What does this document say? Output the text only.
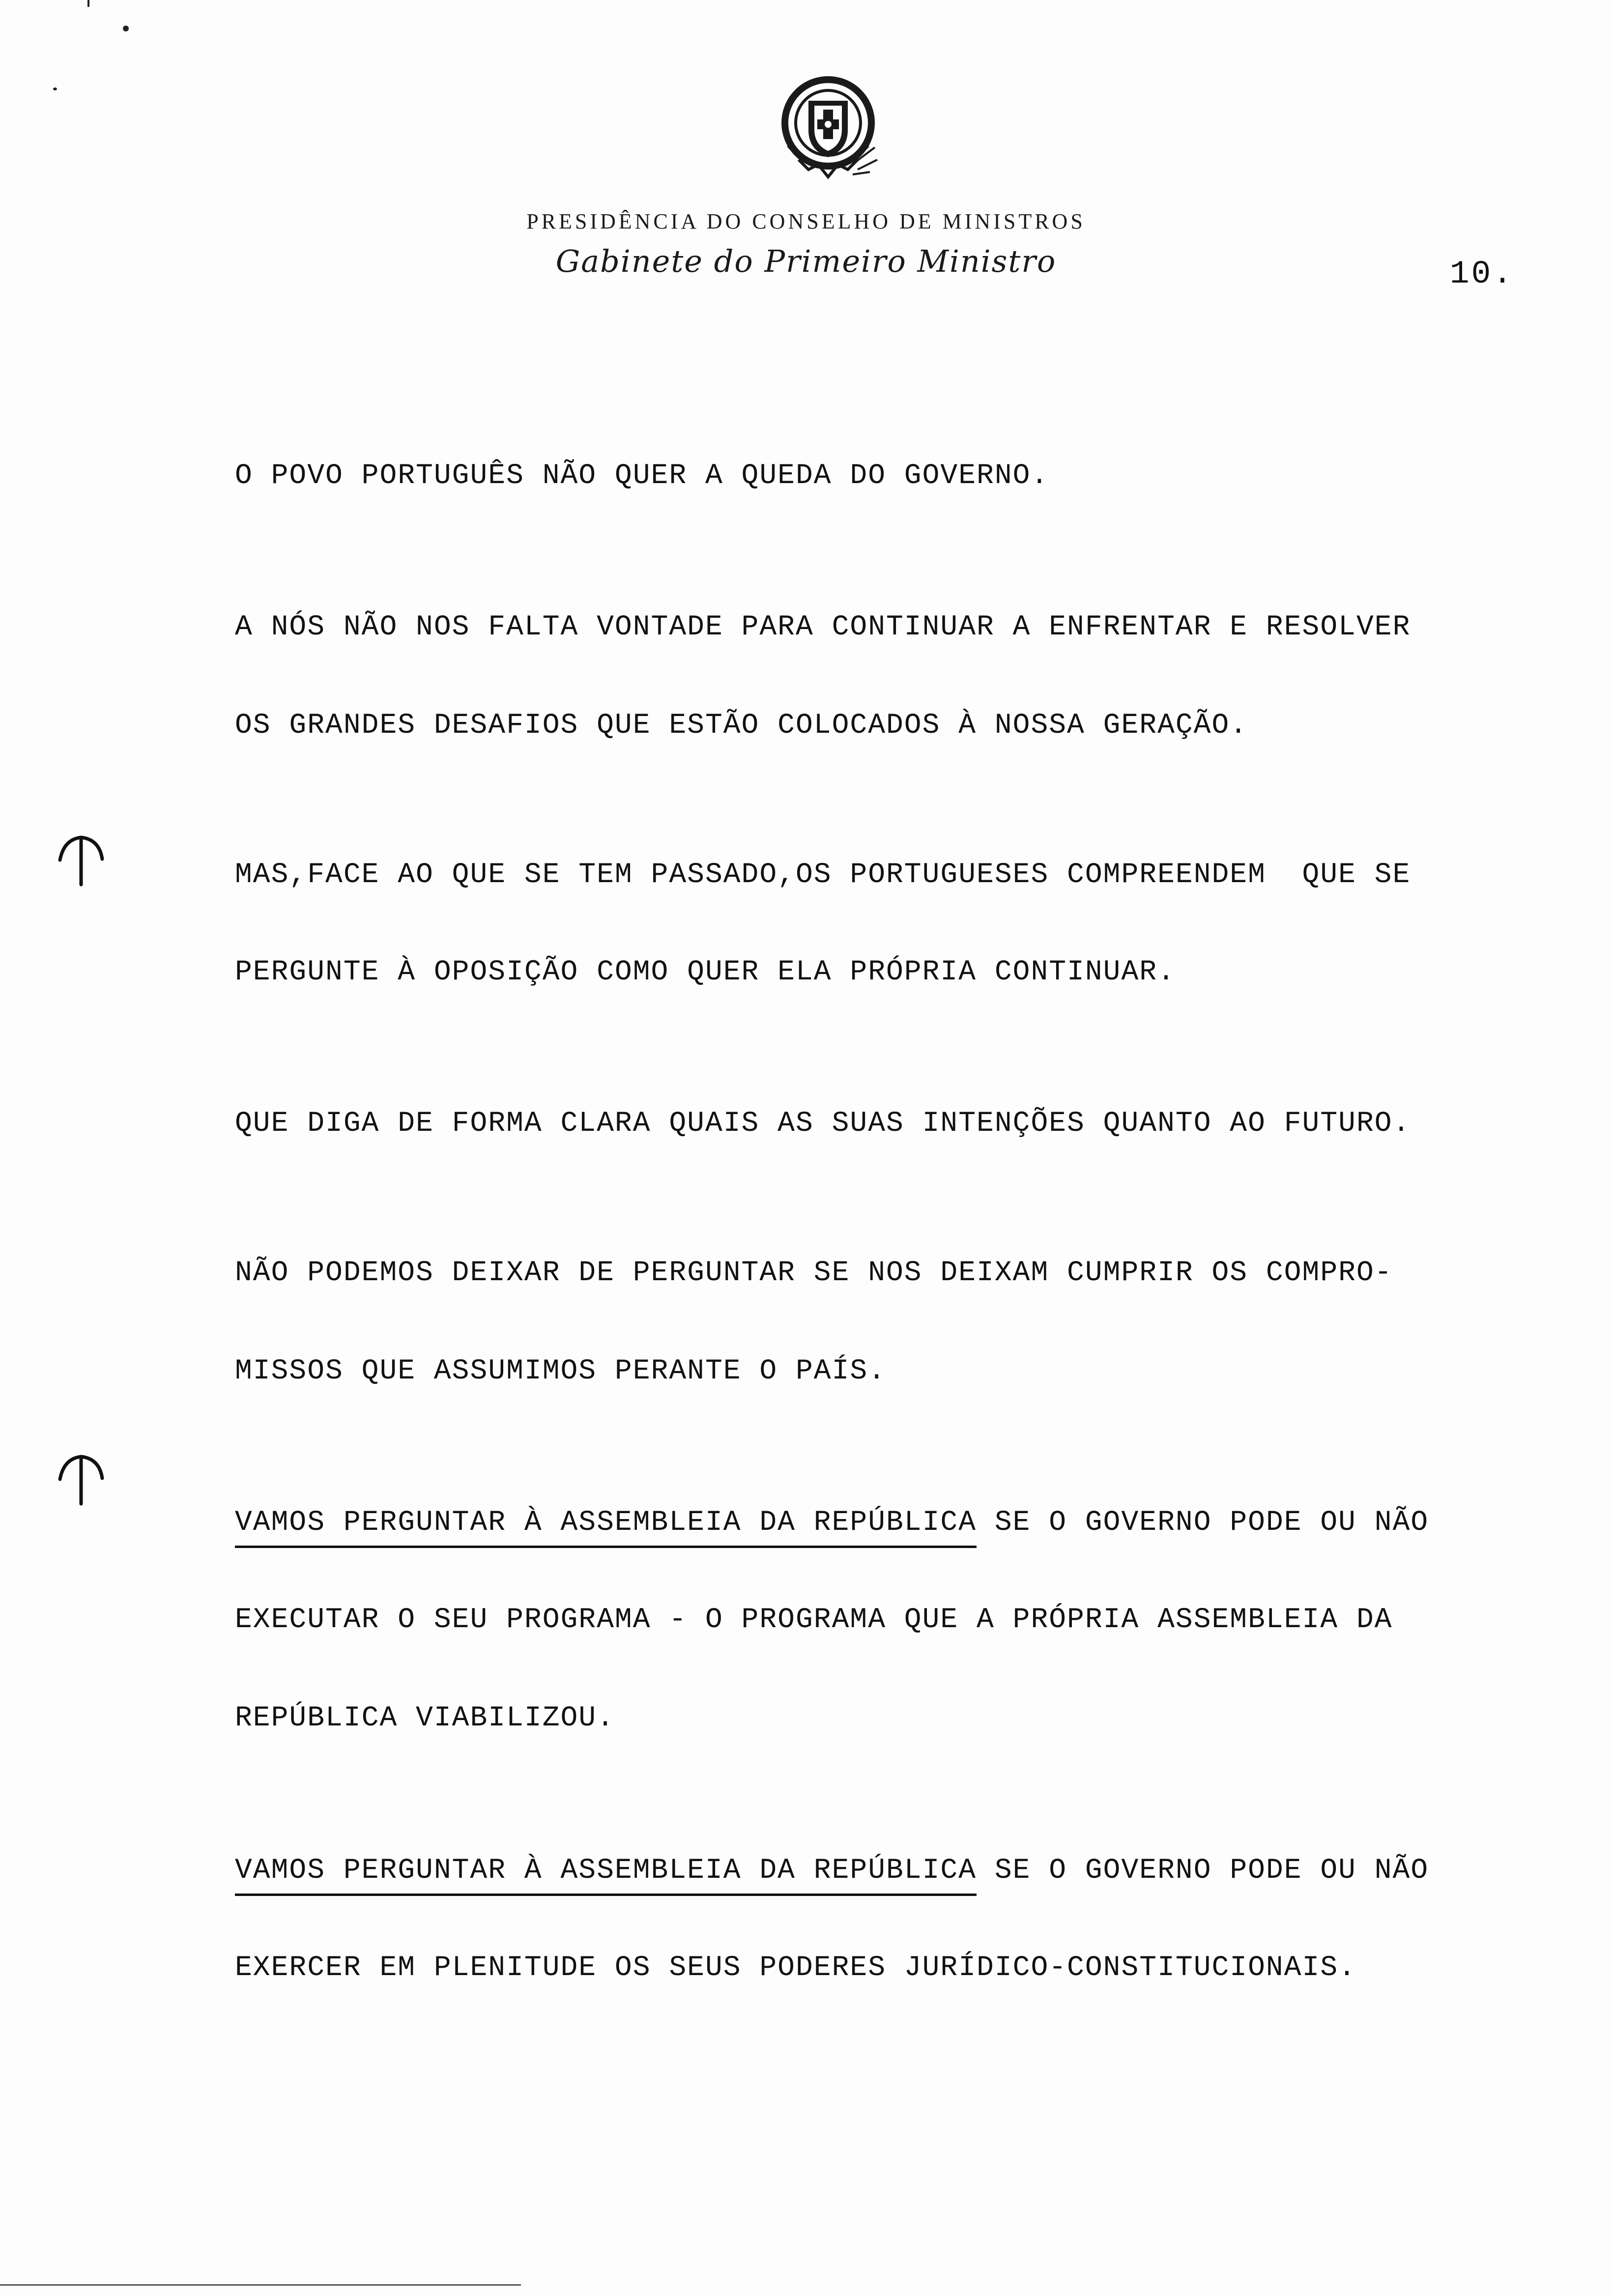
PRESIDÊNCIA DO CONSELHO DE MINISTROS
Gabinete do Primeiro Ministro	10.
O POVO PORTUGUÊS NÃO QUER A QUEDA DO GOVERNO.
A NÓS NÃO NOS FALTA VONTADE PARA CONTINUAR A ENFRENTAR E RESOLVER
OS GRANDES DESAFIOS QUE ESTÃO COLOCADOS À NOSSA GERAÇÃO.
MAS,FACE AO QUE SE TEM PASSADO,OS PORTUGUESES COMPREENDEM  QUE SE
PERGUNTE À OPOSIÇÃO COMO QUER ELA PRÓPRIA CONTINUAR.
QUE DIGA DE FORMA CLARA QUAIS AS SUAS INTENÇÕES QUANTO AO FUTURO.
NÃO PODEMOS DEIXAR DE PERGUNTAR SE NOS DEIXAM CUMPRIR OS COMPRO-
MISSOS QUE ASSUMIMOS PERANTE O PAÍS.
VAMOS PERGUNTAR À ASSEMBLEIA DA REPÚBLICA SE O GOVERNO PODE OU NÃO
EXECUTAR O SEU PROGRAMA - O PROGRAMA QUE A PRÓPRIA ASSEMBLEIA DA
REPÚBLICA VIABILIZOU.
VAMOS PERGUNTAR À ASSEMBLEIA DA REPÚBLICA SE O GOVERNO PODE OU NÃO
EXERCER EM PLENITUDE OS SEUS PODERES JURÍDICO-CONSTITUCIONAIS.
